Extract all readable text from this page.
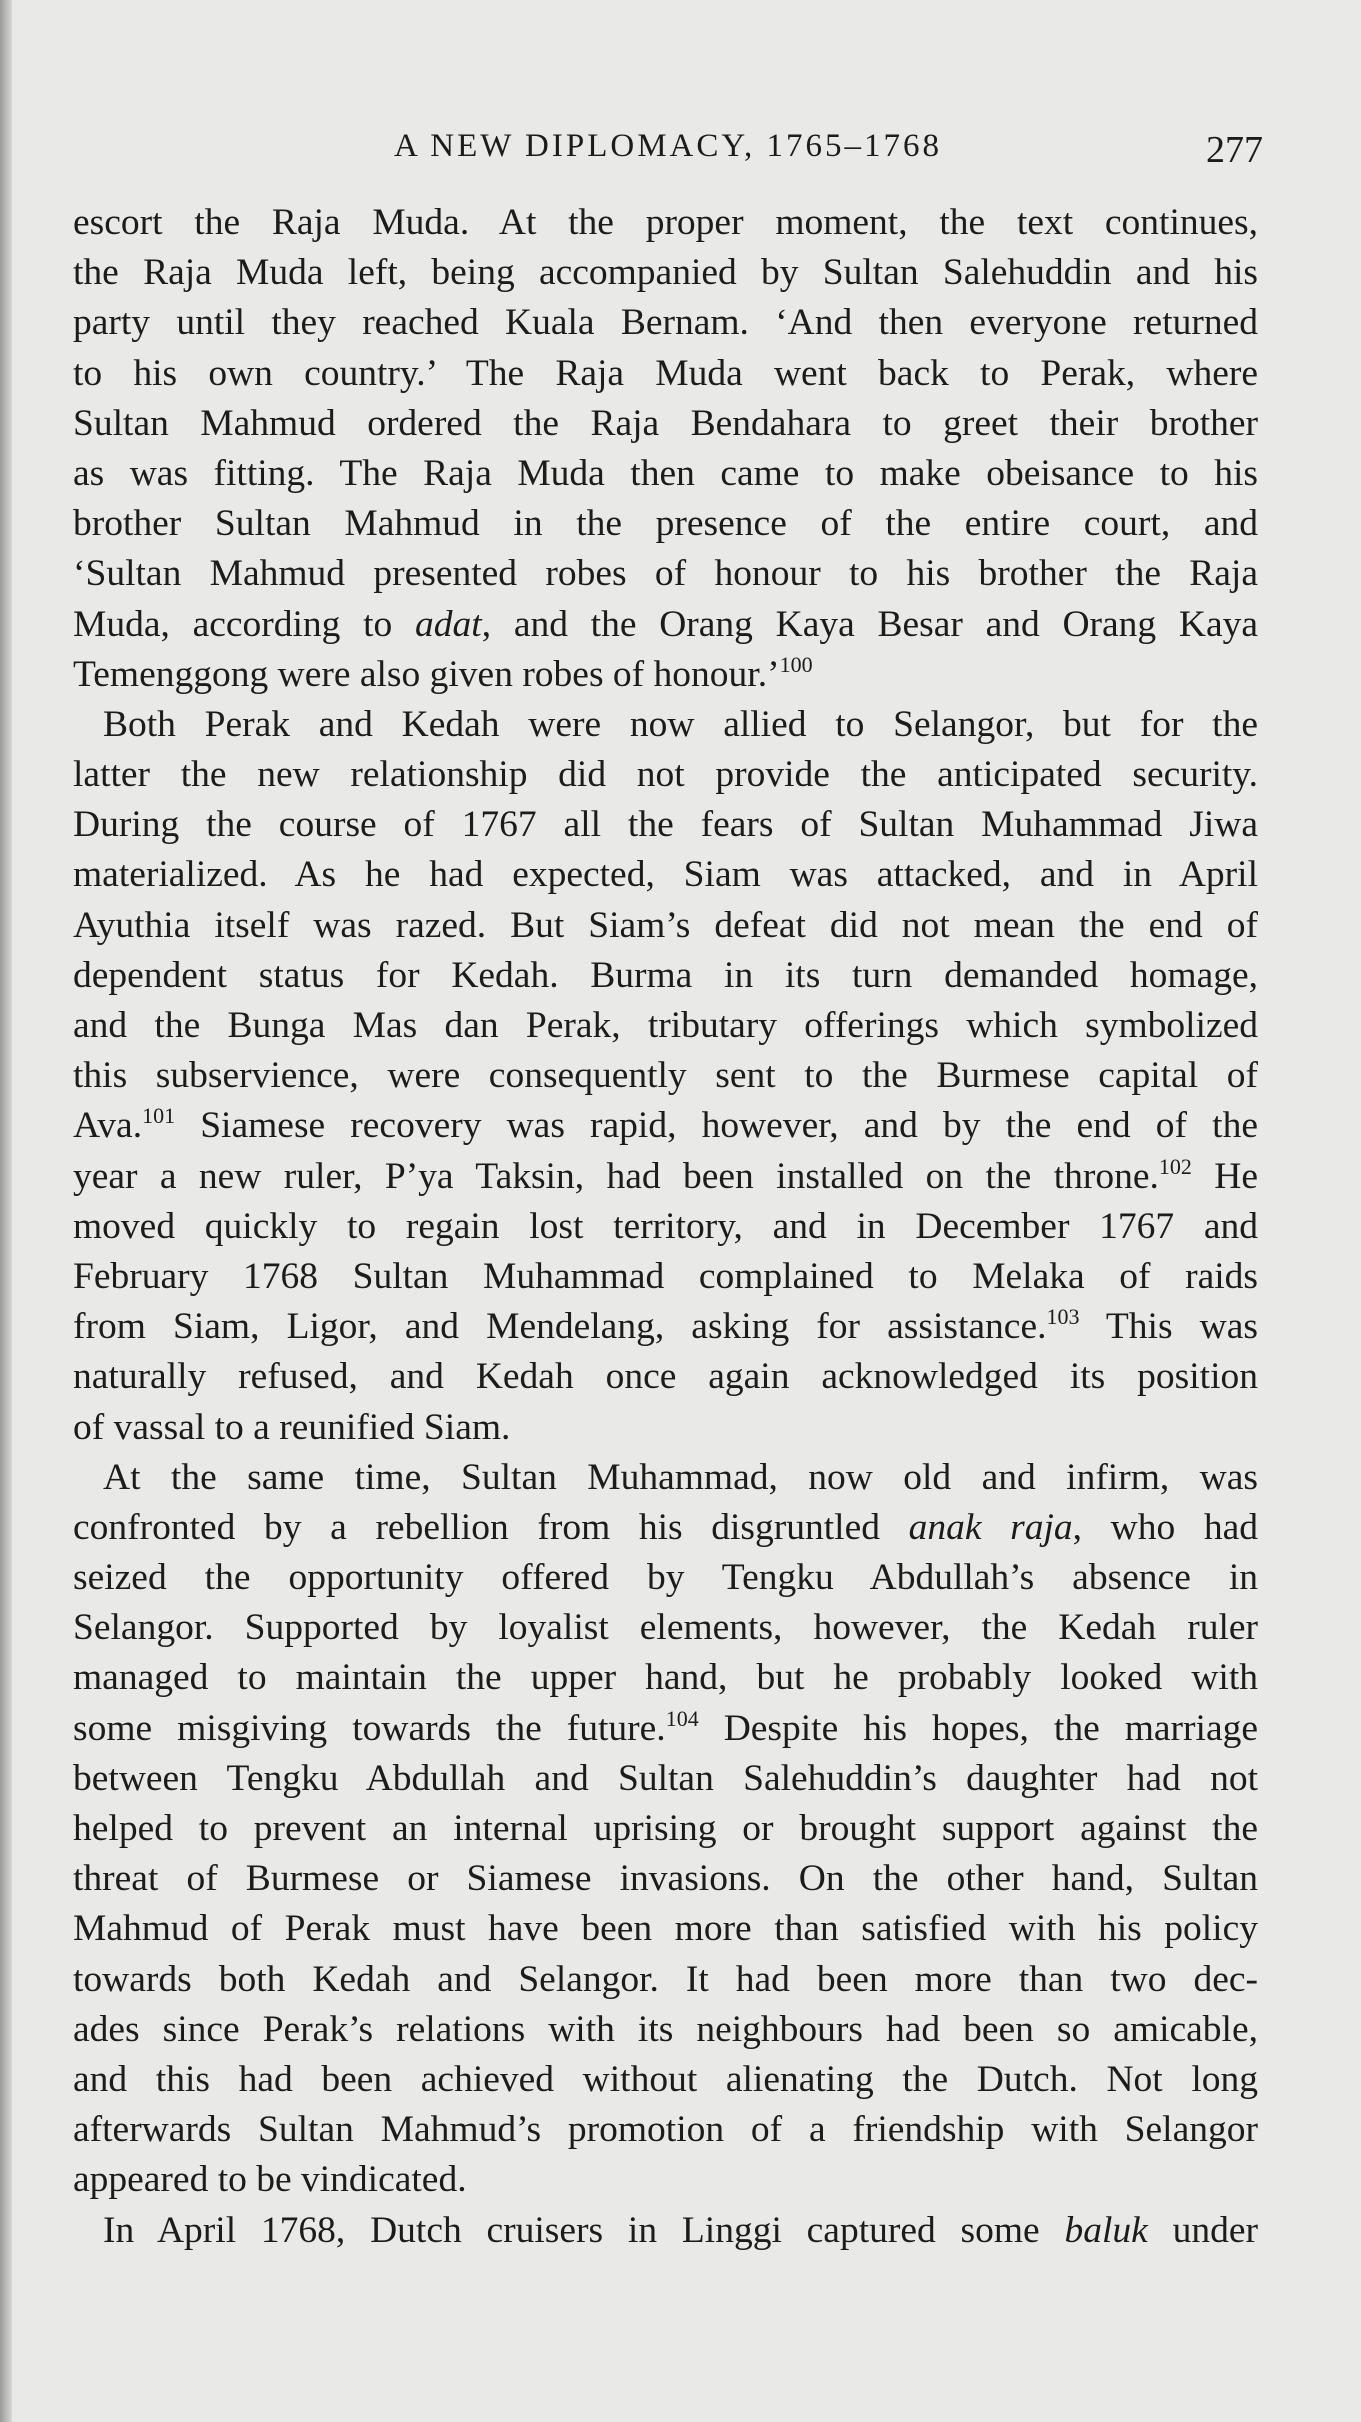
A NEW DIPLOMACY, 1765–1768	277
escort the Raja Muda. At the proper moment, the text continues,
the Raja Muda left, being accompanied by Sultan Salehuddin and his
party until they reached Kuala Bernam. ‘And then everyone returned
to his own country.’ The Raja Muda went back to Perak, where
Sultan Mahmud ordered the Raja Bendahara to greet their brother
as was fitting. The Raja Muda then came to make obeisance to his
brother Sultan Mahmud in the presence of the entire court, and
‘Sultan Mahmud presented robes of honour to his brother the Raja
Muda, according to adat, and the Orang Kaya Besar and Orang Kaya
Temenggong were also given robes of honour.’$^{100}$
Both Perak and Kedah were now allied to Selangor, but for the
latter the new relationship did not provide the anticipated security.
During the course of 1767 all the fears of Sultan Muhammad Jiwa
materialized. As he had expected, Siam was attacked, and in April
Ayuthia itself was razed. But Siam’s defeat did not mean the end of
dependent status for Kedah. Burma in its turn demanded homage,
and the Bunga Mas dan Perak, tributary offerings which symbolized
this subservience, were consequently sent to the Burmese capital of
Ava.$^{101}$ Siamese recovery was rapid, however, and by the end of the
year a new ruler, P’ya Taksin, had been installed on the throne.$^{102}$ He
moved quickly to regain lost territory, and in December 1767 and
February 1768 Sultan Muhammad complained to Melaka of raids
from Siam, Ligor, and Mendelang, asking for assistance.$^{103}$ This was
naturally refused, and Kedah once again acknowledged its position
of vassal to a reunified Siam.
At the same time, Sultan Muhammad, now old and infirm, was
confronted by a rebellion from his disgruntled anak raja, who had
seized the opportunity offered by Tengku Abdullah’s absence in
Selangor. Supported by loyalist elements, however, the Kedah ruler
managed to maintain the upper hand, but he probably looked with
some misgiving towards the future.$^{104}$ Despite his hopes, the marriage
between Tengku Abdullah and Sultan Salehuddin’s daughter had not
helped to prevent an internal uprising or brought support against the
threat of Burmese or Siamese invasions. On the other hand, Sultan
Mahmud of Perak must have been more than satisfied with his policy
towards both Kedah and Selangor. It had been more than two dec-
ades since Perak’s relations with its neighbours had been so amicable,
and this had been achieved without alienating the Dutch. Not long
afterwards Sultan Mahmud’s promotion of a friendship with Selangor
appeared to be vindicated.
In April 1768, Dutch cruisers in Linggi captured some baluk under
